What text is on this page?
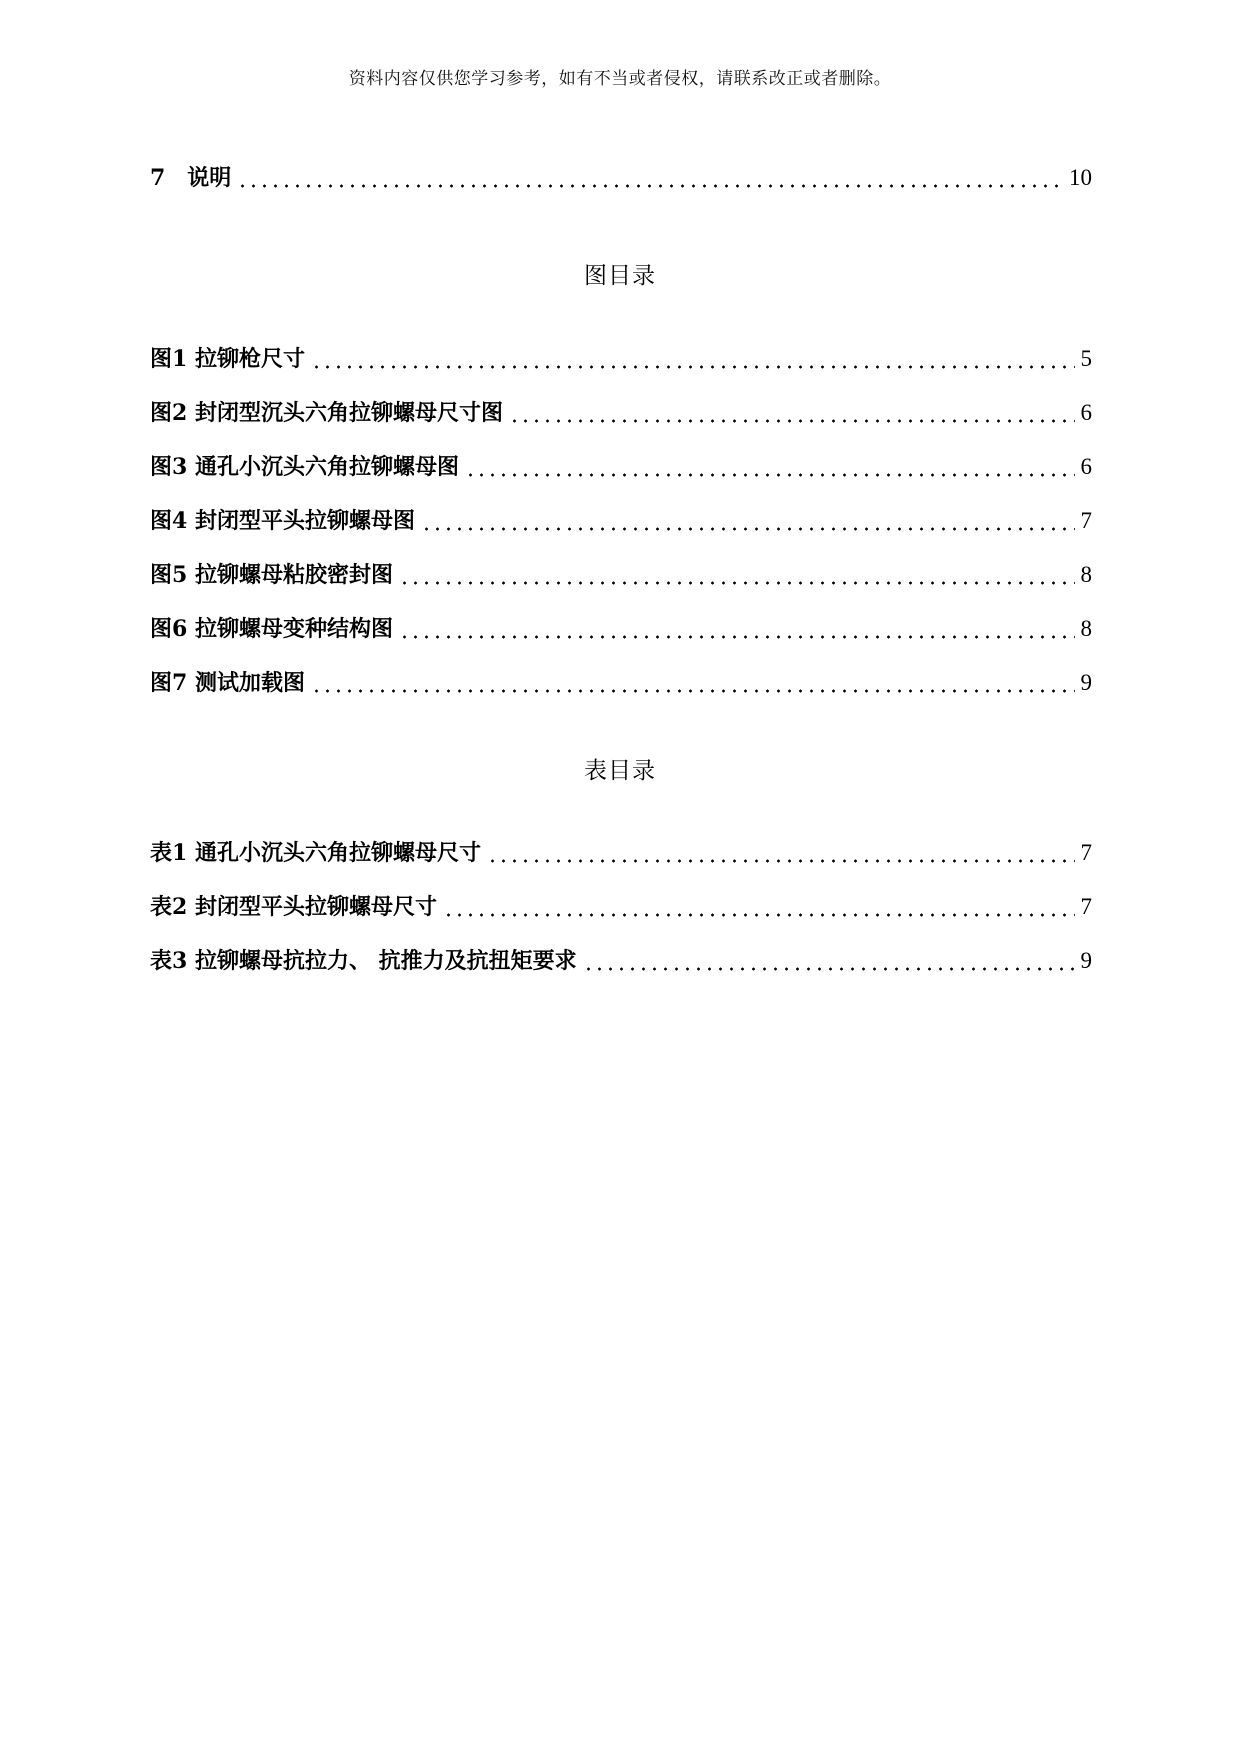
资料内容仅供您学习参考，如有不当或者侵权，请联系改正或者删除。
7　说明	10
图目录
图1 拉铆枪尺寸	5
图2 封闭型沉头六角拉铆螺母尺寸图	6
图3 通孔小沉头六角拉铆螺母图	6
图4 封闭型平头拉铆螺母图	7
图5 拉铆螺母粘胶密封图	8
图6 拉铆螺母变种结构图	8
图7 测试加载图	9
表目录
表1 通孔小沉头六角拉铆螺母尺寸	7
表2 封闭型平头拉铆螺母尺寸	7
表3 拉铆螺母抗拉力、 抗推力及抗扭矩要求	9
